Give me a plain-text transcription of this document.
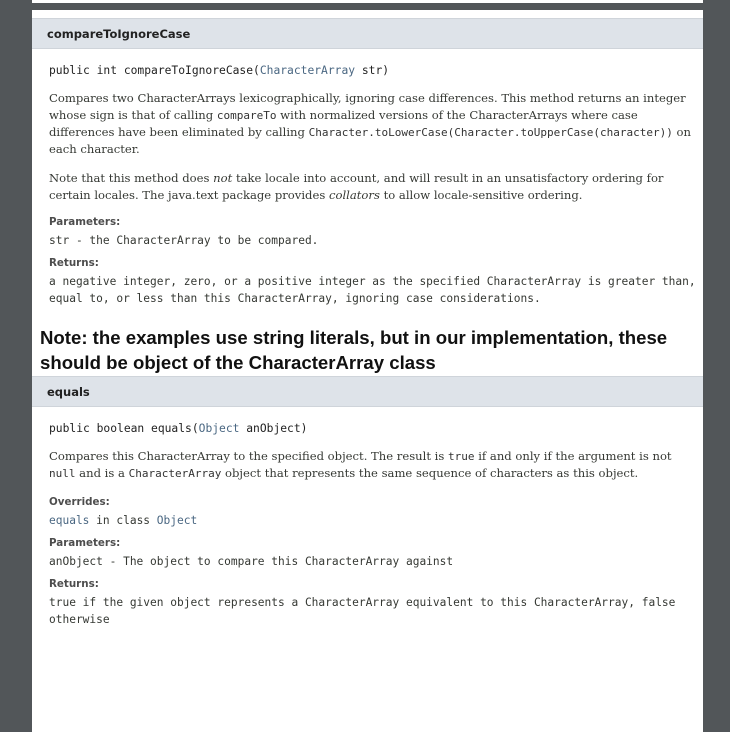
compareToIgnoreCase
public int compareToIgnoreCase(CharacterArray str)

Compares two CharacterArrays lexicographically, ignoring case differences. This method returns an integer whose sign is that of calling compareTo with normalized versions of the CharacterArrays where case differences have been eliminated by calling Character.toLowerCase(Character.toUpperCase(character)) on each character.

Note that this method does not take locale into account, and will result in an unsatisfactory ordering for certain locales. The java.text package provides collators to allow locale-sensitive ordering.

Parameters:
str - the CharacterArray to be compared.
Returns:
a negative integer, zero, or a positive integer as the specified CharacterArray is greater than, equal to, or less than this CharacterArray, ignoring case considerations.
Note: the examples use string literals, but in our implementation, these should be object of the CharacterArray class
equals
public boolean equals(Object anObject)

Compares this CharacterArray to the specified object. The result is true if and only if the argument is not null and is a CharacterArray object that represents the same sequence of characters as this object.

Overrides:
equals in class Object
Parameters:
anObject - The object to compare this CharacterArray against
Returns:
true if the given object represents a CharacterArray equivalent to this CharacterArray, false otherwise
